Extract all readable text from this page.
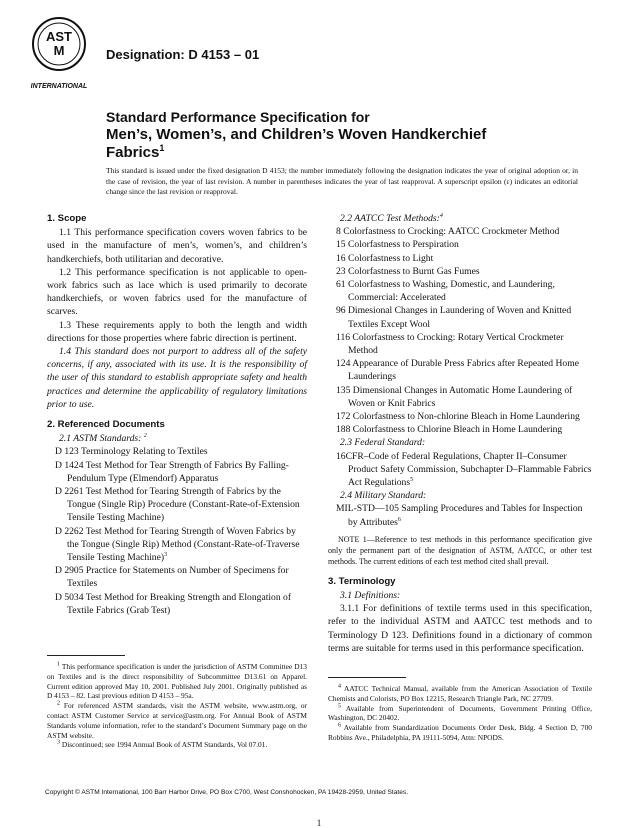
AST
M
INTERNATIONAL
Designation: D 4153 – 01
Standard Performance Specification for
Men’s, Women’s, and Children’s Woven Handkerchief
Fabrics$^1$

This standard is issued under the fixed designation D 4153; the number immediately following the designation indicates the year of original adoption or, in the case of revision, the year of last revision. A number in parentheses indicates the year of last reapproval. A superscript epsilon (ε) indicates an editorial change since the last revision or reapproval.

1. Scope

1.1 This performance specification covers woven fabrics to be used in the manufacture of men’s, women’s, and children’s handkerchiefs, both utilitarian and decorative.

1.2 This performance specification is not applicable to open-work fabrics such as lace which is used primarily to decorate handkerchiefs, or woven fabrics used for the manufacture of scarves.

1.3 These requirements apply to both the length and width directions for those properties where fabric direction is pertinent.

1.4 This standard does not purport to address all of the safety concerns, if any, associated with its use. It is the responsibility of the user of this standard to establish appropriate safety and health practices and determine the applicability of regulatory limitations prior to use.

2. Referenced Documents

2.1 ASTM Standards: $^2$

D 123 Terminology Relating to Textiles

D 1424 Test Method for Tear Strength of Fabrics By Falling-Pendulum Type (Elmendorf) Apparatus

D 2261 Test Method for Tearing Strength of Fabrics by the Tongue (Single Rip) Procedure (Constant-Rate-of-Extension Tensile Testing Machine)

D 2262 Test Method for Tearing Strength of Woven Fabrics by the Tongue (Single Rip) Method (Constant-Rate-of-Traverse Tensile Testing Machine)$^3$

D 2905 Practice for Statements on Number of Specimens for Textiles

D 5034 Test Method for Breaking Strength and Elongation of Textile Fabrics (Grab Test)

$^1$ This performance specification is under the jurisdiction of ASTM Committee D13 on Textiles and is the direct responsibility of Subcommittee D13.61 on Apparel. Current edition approved May 10, 2001. Published July 2001. Originally published as D 4153 – 82. Last previous edition D 4153 – 95a.

$^2$ For referenced ASTM standards, visit the ASTM website, www.astm.org, or contact ASTM Customer Service at service@astm.org. For Annual Book of ASTM Standards volume information, refer to the standard’s Document Summary page on the ASTM website.

$^3$ Discontinued; see 1994 Annual Book of ASTM Standards, Vol 07.01.

2.2 AATCC Test Methods:$^4$

8 Colorfastness to Crocking: AATCC Crockmeter Method

15 Colorfastness to Perspiration

16 Colorfastness to Light

23 Colorfastness to Burnt Gas Fumes

61 Colorfastness to Washing, Domestic, and Laundering, Commercial: Accelerated

96 Dimesional Changes in Laundering of Woven and Knitted Textiles Except Wool

116 Colorfastness to Crocking: Rotary Vertical Crockmeter Method

124 Appearance of Durable Press Fabrics after Repeated Home Launderings

135 Dimensional Changes in Automatic Home Laundering of Woven or Knit Fabrics

172 Colorfastness to Non-chlorine Bleach in Home Laundering

188 Colorfastness to Chlorine Bleach in Home Laundering

2.3 Federal Standard:

16CFR–Code of Federal Regulations, Chapter II–Consumer Product Safety Commission, Subchapter D–Flammable Fabrics Act Regulations$^5$

2.4 Military Standard:

MIL-STD—105 Sampling Procedures and Tables for Inspection by Attributes$^6$

NOTE 1—Reference to test methods in this performance specification give only the permanent part of the designation of ASTM, AATCC, or other test methods. The current editions of each test method cited shall prevail.

3. Terminology

3.1 Definitions:

3.1.1 For definitions of textile terms used in this specification, refer to the individual ASTM and AATCC test methods and to Terminology D 123. Definitions found in a dictionary of common terms are suitable for terms used in this performance specification.

$^4$ AATCC Technical Manual, available from the American Association of Textile Chemists and Colorists, PO Box 12215, Research Triangle Park, NC 27709.

$^5$ Available from Superintendent of Documents, Government Printing Office, Washington, DC 20402.

$^6$ Available from Standardization Documents Order Desk, Bldg. 4 Section D, 700 Robbins Ave., Philadelphia, PA 19111-5094, Attn: NPODS.

Copyright © ASTM International, 100 Barr Harbor Drive, PO Box C700, West Conshohocken, PA 19428-2959, United States.
1
